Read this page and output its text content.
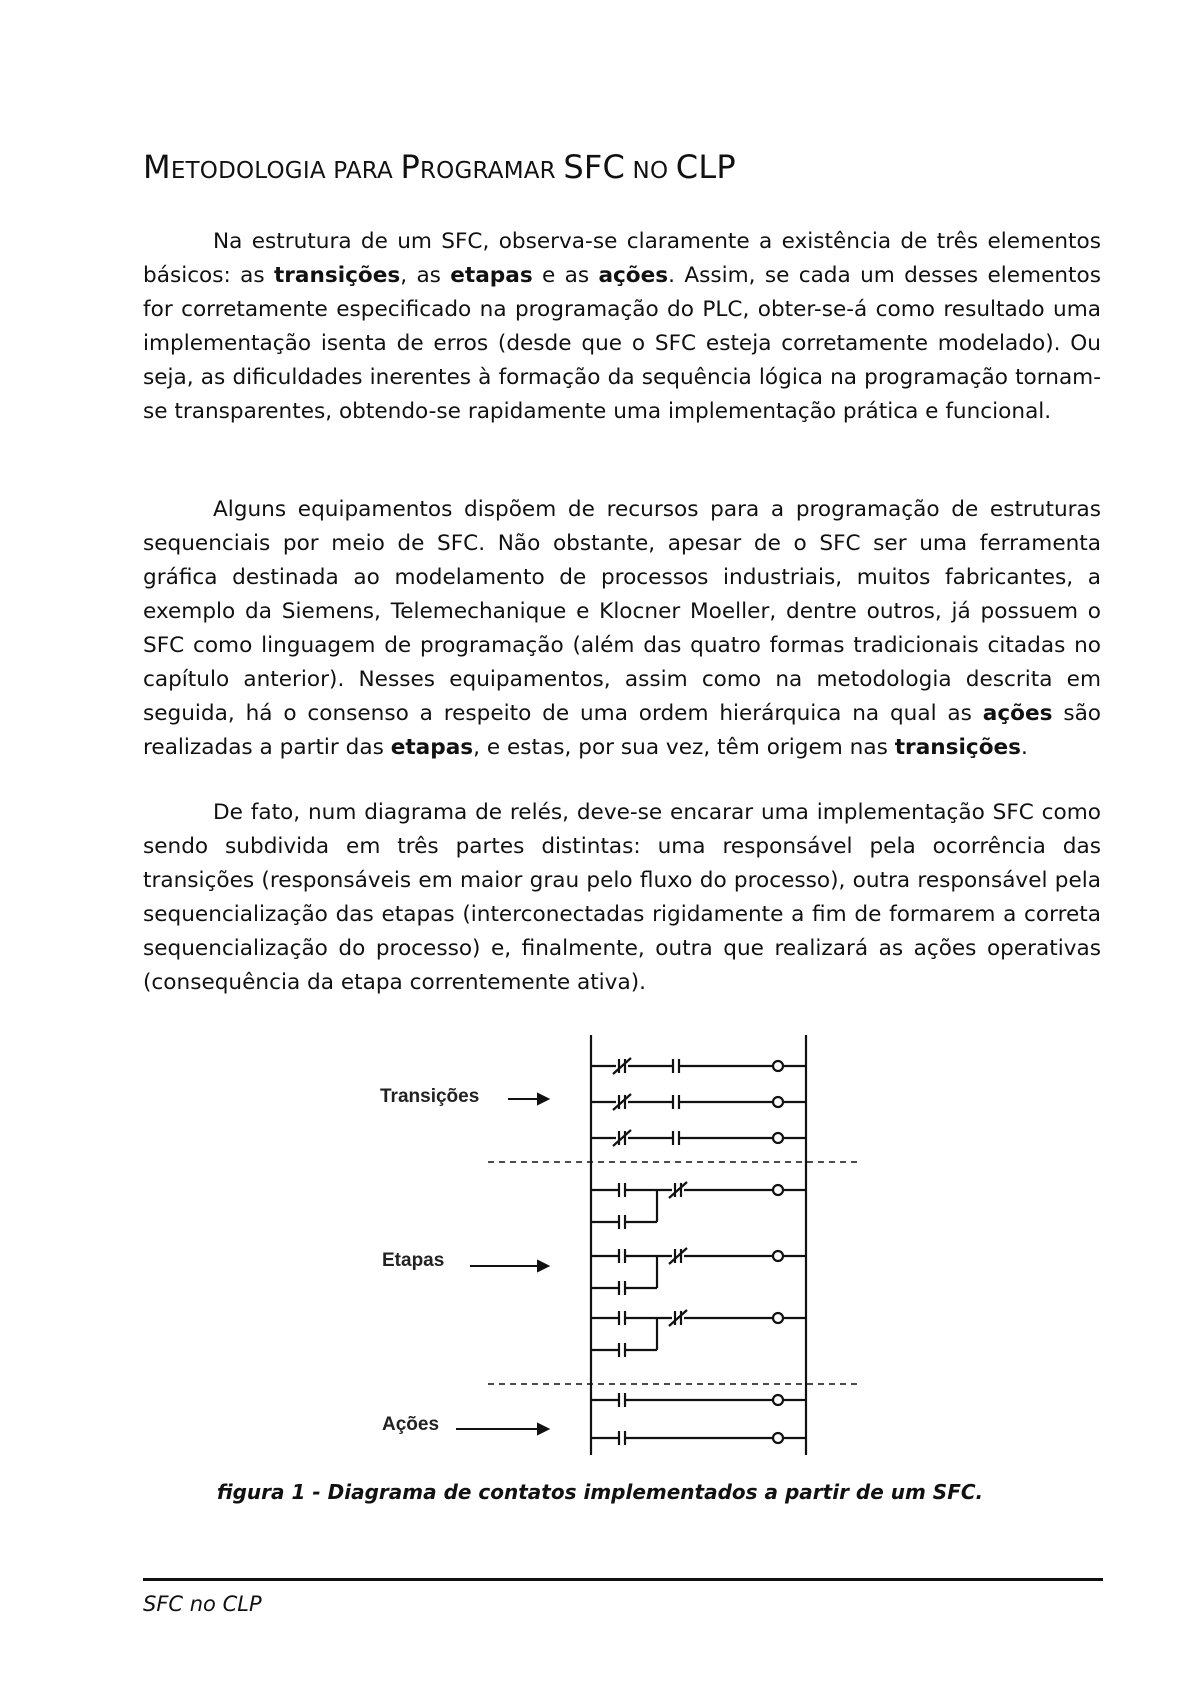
METODOLOGIA PARA PROGRAMAR SFC NO CLP

Na estrutura de um SFC, observa-se claramente a existência de três elementos básicos: as transições, as etapas e as ações. Assim, se cada um desses elementos for corretamente especificado na programação do PLC, obter-se-á como resultado uma implementação isenta de erros (desde que o SFC esteja corretamente modelado). Ou seja, as dificuldades inerentes à formação da sequência lógica na programação tornam-se transparentes, obtendo-se rapidamente uma implementação prática e funcional.

Alguns equipamentos dispõem de recursos para a programação de estruturas sequenciais por meio de SFC. Não obstante, apesar de o SFC ser uma ferramenta gráfica destinada ao modelamento de processos industriais, muitos fabricantes, a exemplo da Siemens, Telemechanique e Klocner Moeller, dentre outros, já possuem o SFC como linguagem de programação (além das quatro formas tradicionais citadas no capítulo anterior). Nesses equipamentos, assim como na metodologia descrita em seguida, há o consenso a respeito de uma ordem hierárquica na qual as ações são realizadas a partir das etapas, e estas, por sua vez, têm origem nas transições.

De fato, num diagrama de relés, deve-se encarar uma implementação SFC como sendo subdivida em três partes distintas: uma responsável pela ocorrência das transições (responsáveis em maior grau pelo fluxo do processo), outra responsável pela sequencialização das etapas (interconectadas rigidamente a fim de formarem a correta sequencialização do processo) e, finalmente, outra que realizará as ações operativas (consequência da etapa correntemente ativa).

Transições
Etapas
Ações

figura 1 - Diagrama de contatos implementados a partir de um SFC.

SFC no CLP
